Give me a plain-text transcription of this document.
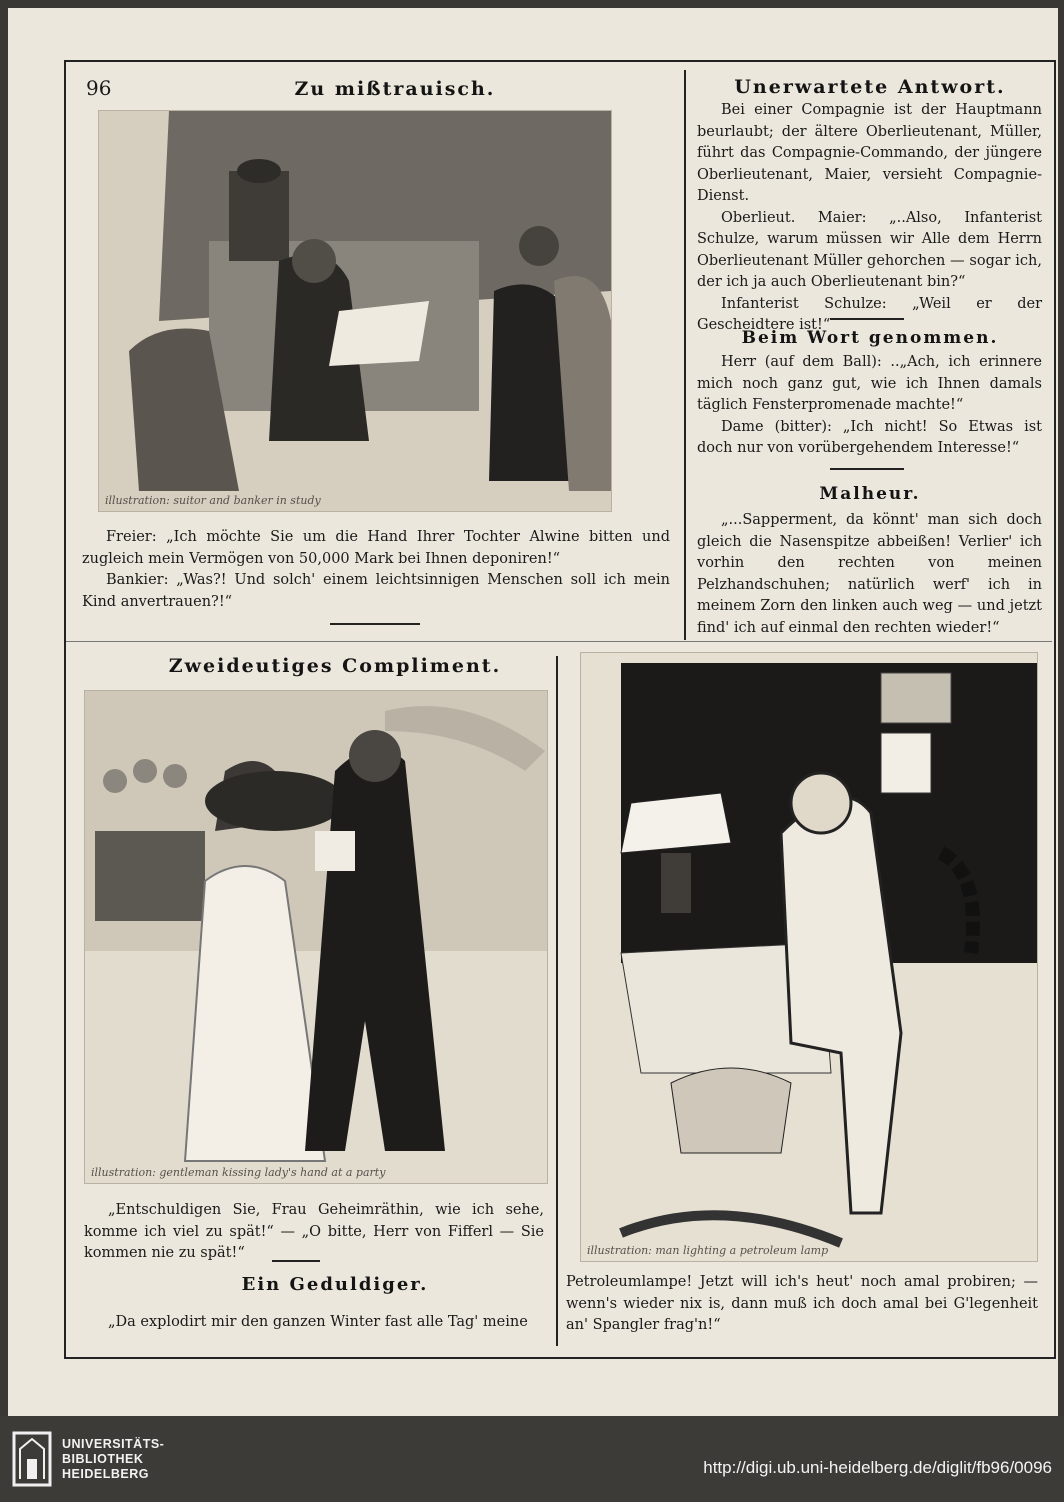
96	Zu mißtrauisch.
illustration: suitor and banker in study

Freier: „Ich möchte Sie um die Hand Ihrer Tochter Alwine bitten und zugleich mein Vermögen von 50,000 Mark bei Ihnen deponiren!“

Bankier: „Was?! Und solch' einem leichtsinnigen Menschen soll ich mein Kind anvertrauen?!“

Unerwartete Antwort.

Bei einer Compagnie ist der Hauptmann beurlaubt; der ältere Oberlieutenant, Müller, führt das Compagnie-Commando, der jüngere Oberlieutenant, Maier, versieht Compagnie-Dienst.

Oberlieut. Maier: „..Also, Infanterist Schulze, warum müssen wir Alle dem Herrn Oberlieutenant Müller gehorchen — sogar ich, der ich ja auch Oberlieutenant bin?“

Infanterist Schulze: „Weil er der Gescheidtere ist!“

Beim Wort genommen.

Herr (auf dem Ball): ..„Ach, ich erinnere mich noch ganz gut, wie ich Ihnen damals täglich Fensterpromenade machte!“

Dame (bitter): „Ich nicht! So Etwas ist doch nur von vorübergehendem Interesse!“

Malheur.

„...Sapperment, da könnt' man sich doch gleich die Nasenspitze abbeißen! Verlier' ich vorhin den rechten von meinen Pelzhandschuhen; natürlich werf' ich in meinem Zorn den linken auch weg — und jetzt find' ich auf einmal den rechten wieder!“

Zweideutiges Compliment.
illustration: gentleman kissing lady's hand at a party

„Entschuldigen Sie, Frau Geheimräthin, wie ich sehe, komme ich viel zu spät!“ — „O bitte, Herr von Fifferl — Sie kommen nie zu spät!“

Ein Geduldiger.

„Da explodirt mir den ganzen Winter fast alle Tag' meine

illustration: man lighting a petroleum lamp

Petroleumlampe! Jetzt will ich's heut' noch amal probiren; — wenn's wieder nix is, dann muß ich doch amal bei G'legenheit an' Spangler frag'n!“

UNIVERSITÄTS-
BIBLIOTHEK
HEIDELBERG	http://digi.ub.uni-heidelberg.de/diglit/fb96/0096
